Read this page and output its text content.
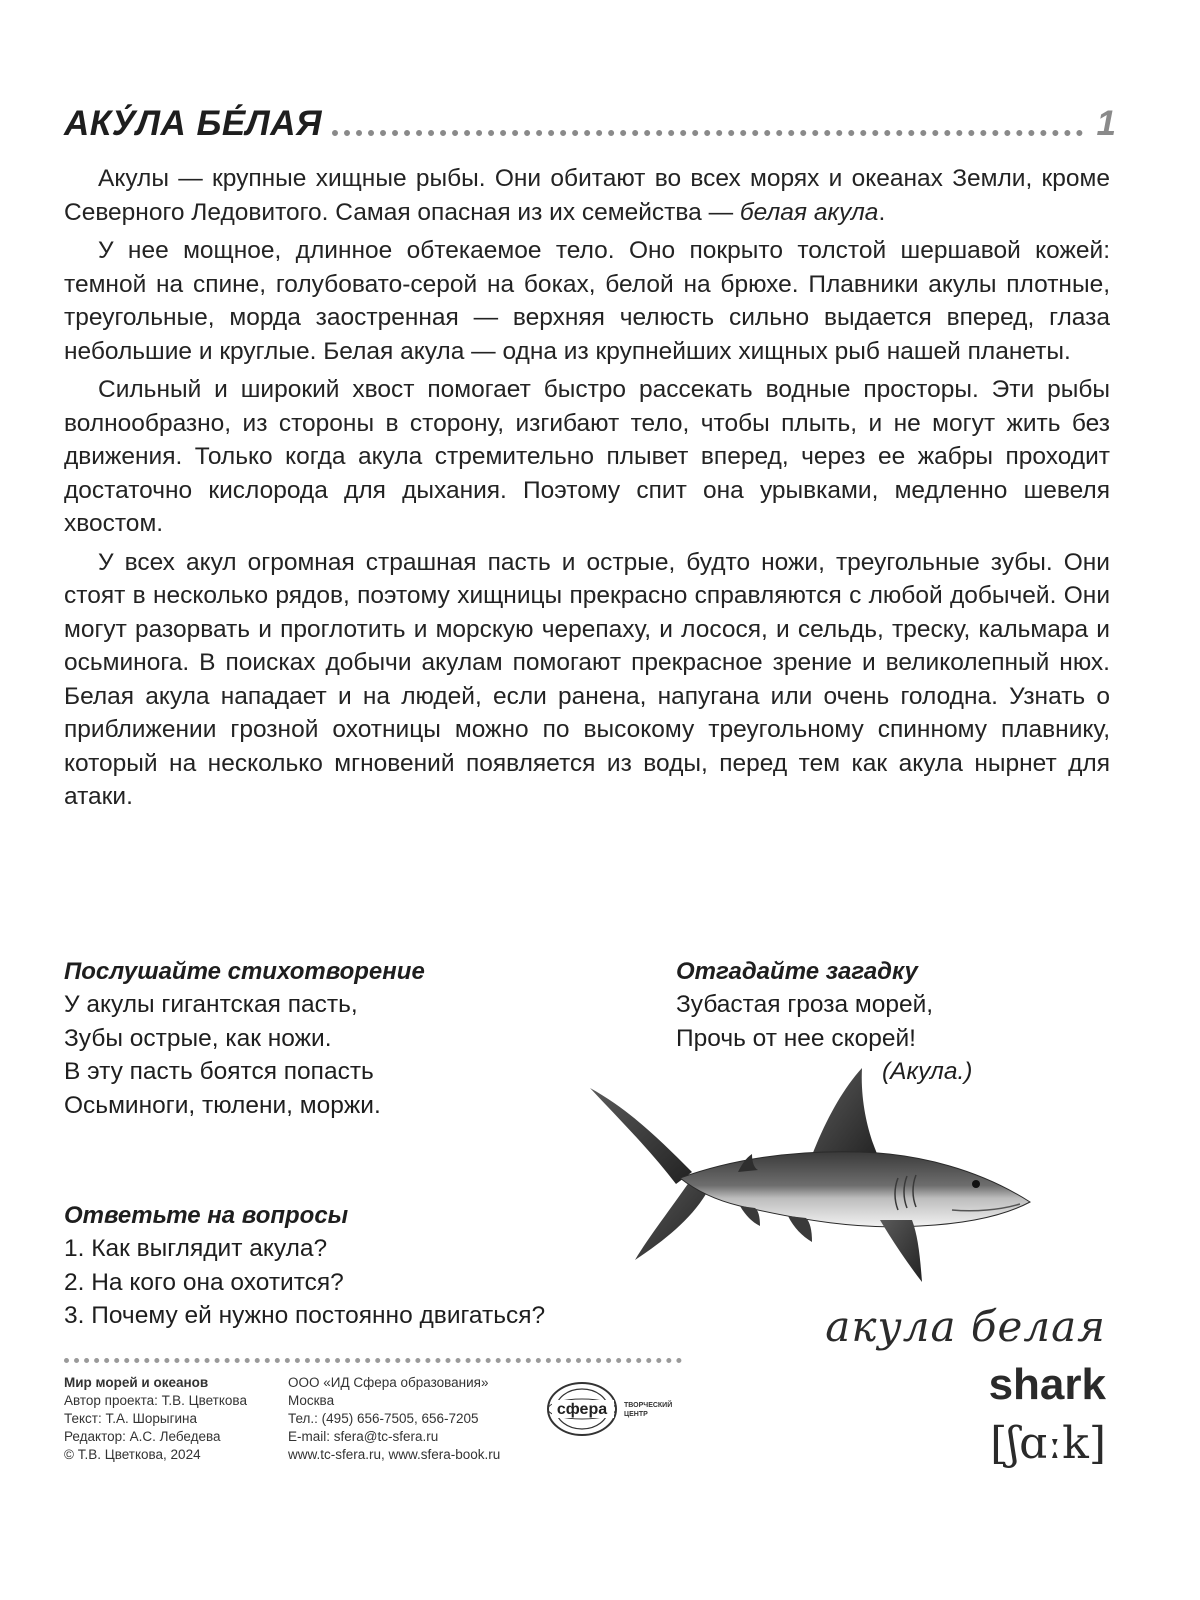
АКУ́ЛА БЕ́ЛАЯ	1

Акулы — крупные хищные рыбы. Они обитают во всех морях и океанах Земли, кроме Северного Ледовитого. Самая опасная из их семейства — белая акула.

У нее мощное, длинное обтекаемое тело. Оно покрыто толстой шершавой кожей: темной на спине, голубовато-серой на боках, белой на брюхе. Плавники акулы плотные, треугольные, морда заостренная — верхняя челюсть сильно выдается вперед, глаза небольшие и круглые. Белая акула — одна из крупнейших хищных рыб нашей планеты.

Сильный и широкий хвост помогает быстро рассекать водные просторы. Эти рыбы волнообразно, из стороны в сторону, изгибают тело, чтобы плыть, и не могут жить без движения. Только когда акула стремительно плывет вперед, через ее жабры проходит достаточно кислорода для дыхания. Поэтому спит она урывками, медленно шевеля хвостом.

У всех акул огромная страшная пасть и острые, будто ножи, треугольные зубы. Они стоят в несколько рядов, поэтому хищницы прекрасно справляются с любой добычей. Они могут разорвать и проглотить и морскую черепаху, и лосося, и сельдь, треску, кальмара и осьминога. В поисках добычи акулам помогают прекрасное зрение и великолепный нюх. Белая акула нападает и на людей, если ранена, напугана или очень голодна. Узнать о приближении грозной охотницы можно по высокому треугольному спинному плавнику, который на несколько мгновений появляется из воды, перед тем как акула нырнет для атаки.

Послушайте стихотворение

У акулы гигантская пасть,

Зубы острые, как ножи.

В эту пасть боятся попасть

Осьминоги, тюлени, моржи.

Отгадайте загадку

Зубастая гроза морей,

Прочь от нее скорей!

(Акула.)

акула белая
shark
[ʃɑːk]

Ответьте на вопросы

1. Как выглядит акула?

2. На кого она охотится?

3. Почему ей нужно постоянно двигаться?

Мир морей и океанов
Автор проекта: Т.В. Цветкова
Текст: Т.А. Шорыгина
Редактор: А.С. Лебедева
© Т.В. Цветкова, 2024
ООО «ИД Сфера образования»
Москва
Тел.: (495) 656-7505, 656-7205
E-mail: sfera@tc-sfera.ru
www.tc-sfera.ru, www.sfera-book.ru
сфера ТВОРЧЕСКИЙ
ЦЕНТР
